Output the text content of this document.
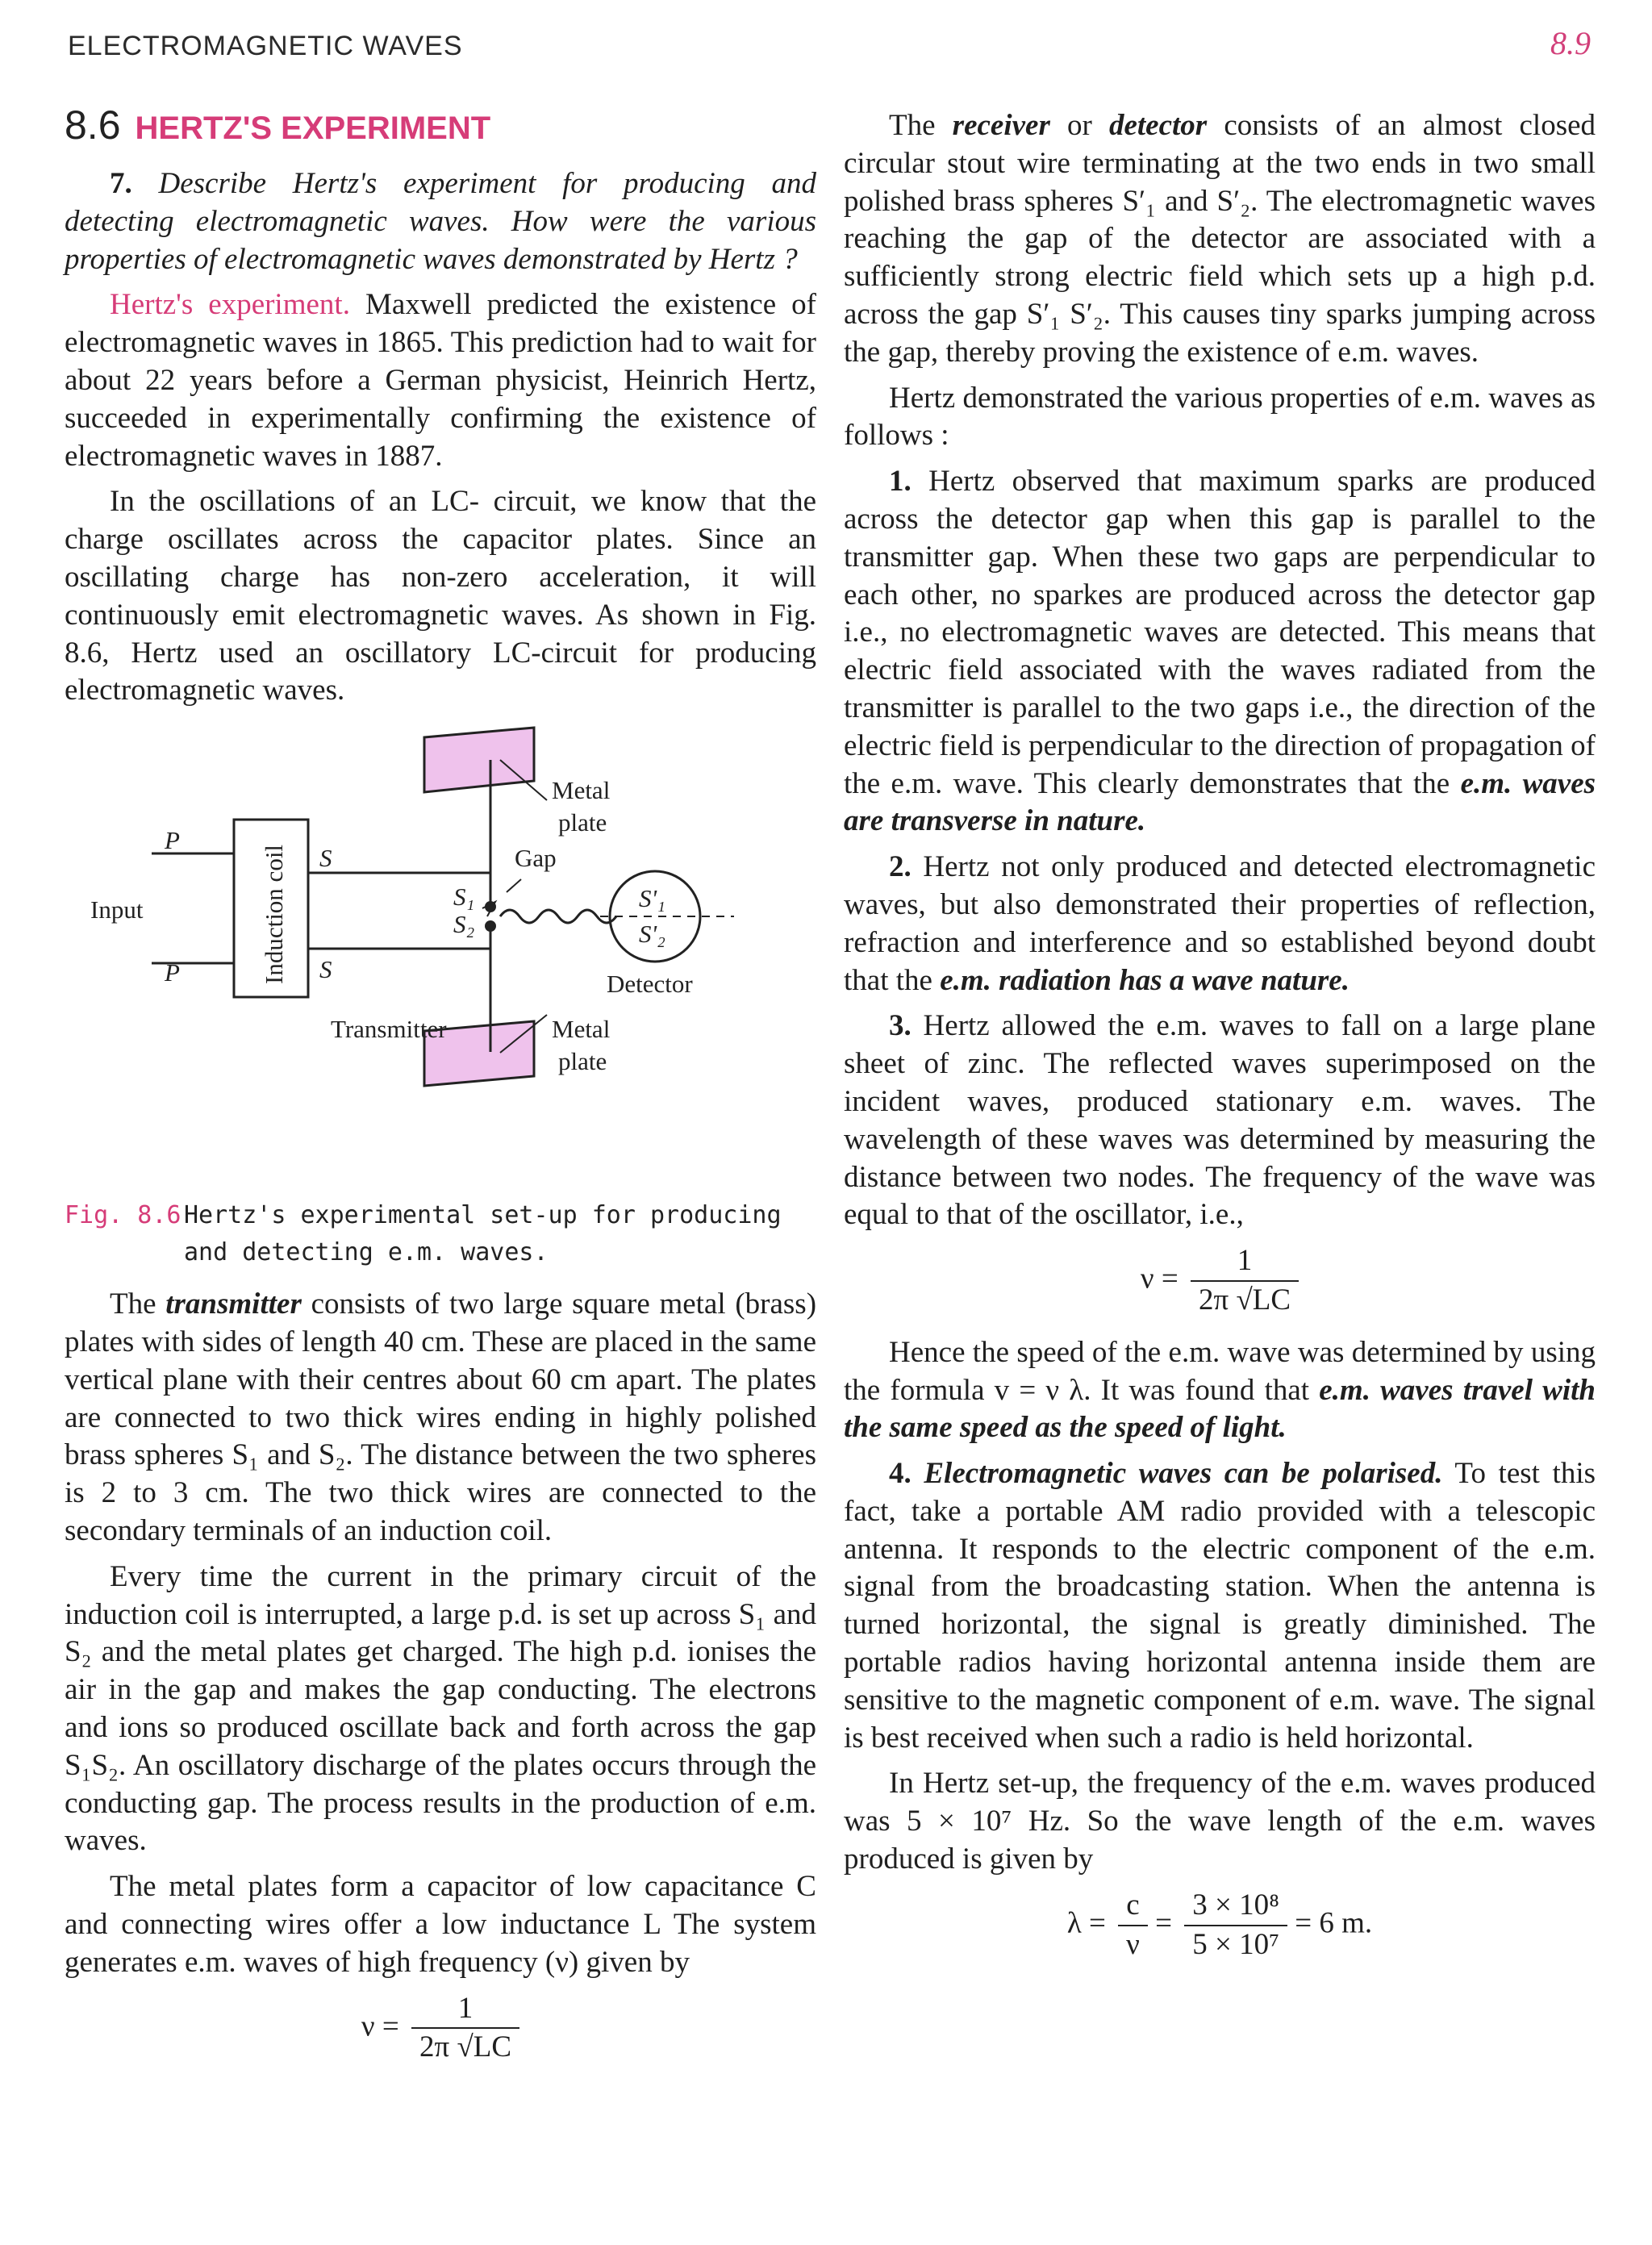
ELECTROMAGNETIC WAVES	8.9
8.6 HERTZ'S EXPERIMENT

7. Describe Hertz's experiment for producing and detecting electromagnetic waves. How were the various properties of electromagnetic waves demonstrated by Hertz ?

Hertz's experiment. Maxwell predicted the existence of electromagnetic waves in 1865. This prediction had to wait for about 22 years before a German physicist, Heinrich Hertz, succeeded in experimentally confirming the existence of electromagnetic waves in 1887.

In the oscillations of an LC- circuit, we know that the charge oscillates across the capacitor plates. Since an oscillating charge has non-zero acceleration, it will continuously emit electromagnetic waves. As shown in Fig. 8.6, Hertz used an oscillatory LC-circuit for producing electromagnetic waves.

P
P
Input	Induction coil S
S
S₁
S₂
Gap
S'₁
S'₂
Metal
plate
Detector
Transmitter	Metal
plate
Fig. 8.6 Hertz's experimental set-up for producing
and detecting e.m. waves.

The transmitter consists of two large square metal (brass) plates with sides of length 40 cm. These are placed in the same vertical plane with their centres about 60 cm apart. The plates are connected to two thick wires ending in highly polished brass spheres S₁ and S₂. The distance between the two spheres is 2 to 3 cm. The two thick wires are connected to the secondary terminals of an induction coil.

Every time the current in the primary circuit of the induction coil is interrupted, a large p.d. is set up across S₁ and S₂ and the metal plates get charged. The high p.d. ionises the air in the gap and makes the gap conducting. The electrons and ions so produced oscillate back and forth across the gap S₁S₂. An oscillatory discharge of the plates occurs through the conducting gap. The process results in the production of e.m. waves.

The metal plates form a capacitor of low capacitance C and connecting wires offer a low inductance L The system generates e.m. waves of high frequency (ν) given by

$\nu = \frac{1}{2\pi √LC}$

The receiver or detector consists of an almost closed circular stout wire terminating at the two ends in two small polished brass spheres S′₁ and S′₂. The electromagnetic waves reaching the gap of the detector are associated with a sufficiently strong electric field which sets up a high p.d. across the gap S′₁ S′₂. This causes tiny sparks jumping across the gap, thereby proving the existence of e.m. waves.

Hertz demonstrated the various properties of e.m. waves as follows :

1. Hertz observed that maximum sparks are produced across the detector gap when this gap is parallel to the transmitter gap. When these two gaps are perpendicular to each other, no sparkes are produced across the detector gap i.e., no electromagnetic waves are detected. This means that electric field associated with the waves radiated from the transmitter is parallel to the two gaps i.e., the direction of the electric field is perpendicular to the direction of propagation of the e.m. wave. This clearly demonstrates that the e.m. waves are transverse in nature.

2. Hertz not only produced and detected electromagnetic waves, but also demonstrated their properties of reflection, refraction and interference and so established beyond doubt that the e.m. radiation has a wave nature.

3. Hertz allowed the e.m. waves to fall on a large plane sheet of zinc. The reflected waves superimposed on the incident waves, produced stationary e.m. waves. The wavelength of these waves was determined by measuring the distance between two nodes. The frequency of the wave was equal to that of the oscillator, i.e.,

$\nu = \frac{1}{2\pi √LC}$

Hence the speed of the e.m. wave was determined by using the formula v = ν λ. It was found that e.m. waves travel with the same speed as the speed of light.

4. Electromagnetic waves can be polarised. To test this fact, take a portable AM radio provided with a telescopic antenna. It responds to the electric component of the e.m. signal from the broadcasting station. When the antenna is turned horizontal, the signal is greatly diminished. The portable radios having horizontal antenna inside them are sensitive to the magnetic component of e.m. wave. The signal is best received when such a radio is held horizontal.

In Hertz set-up, the frequency of the e.m. waves produced was 5 × 10⁷ Hz. So the wave length of the e.m. waves produced is given by

$\lambda = \frac{c}{\nu} = \frac{\text{3 × 10⁸}}{\text{5 × 10⁷}} = 6$ m.
